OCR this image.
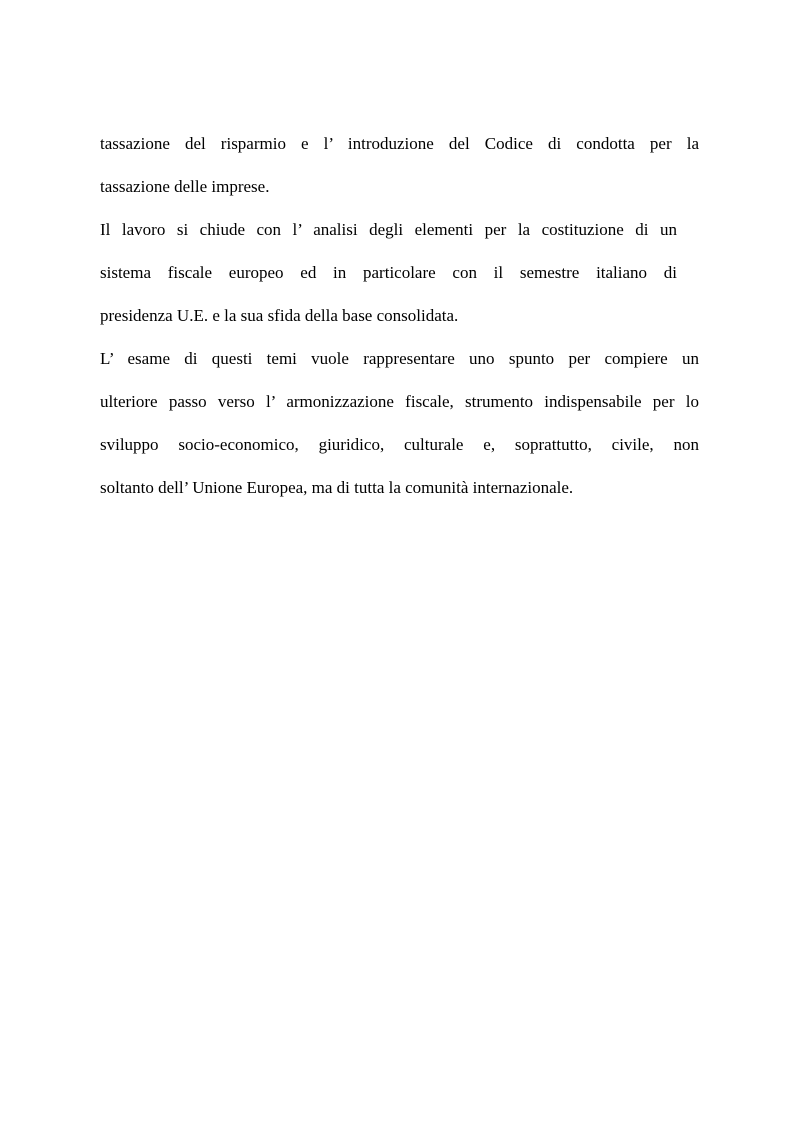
tassazione del risparmio e l’ introduzione del Codice di condotta per la
tassazione delle imprese.
Il lavoro si chiude con l’ analisi degli elementi per la costituzione di un
sistema fiscale europeo ed in particolare con il semestre italiano di
presidenza U.E. e la sua sfida della base consolidata.
L’ esame di questi temi vuole rappresentare uno spunto per compiere un
ulteriore passo verso l’ armonizzazione fiscale, strumento indispensabile per lo
sviluppo socio-economico, giuridico, culturale e, soprattutto, civile, non
soltanto dell’ Unione Europea, ma di tutta la comunità internazionale.
